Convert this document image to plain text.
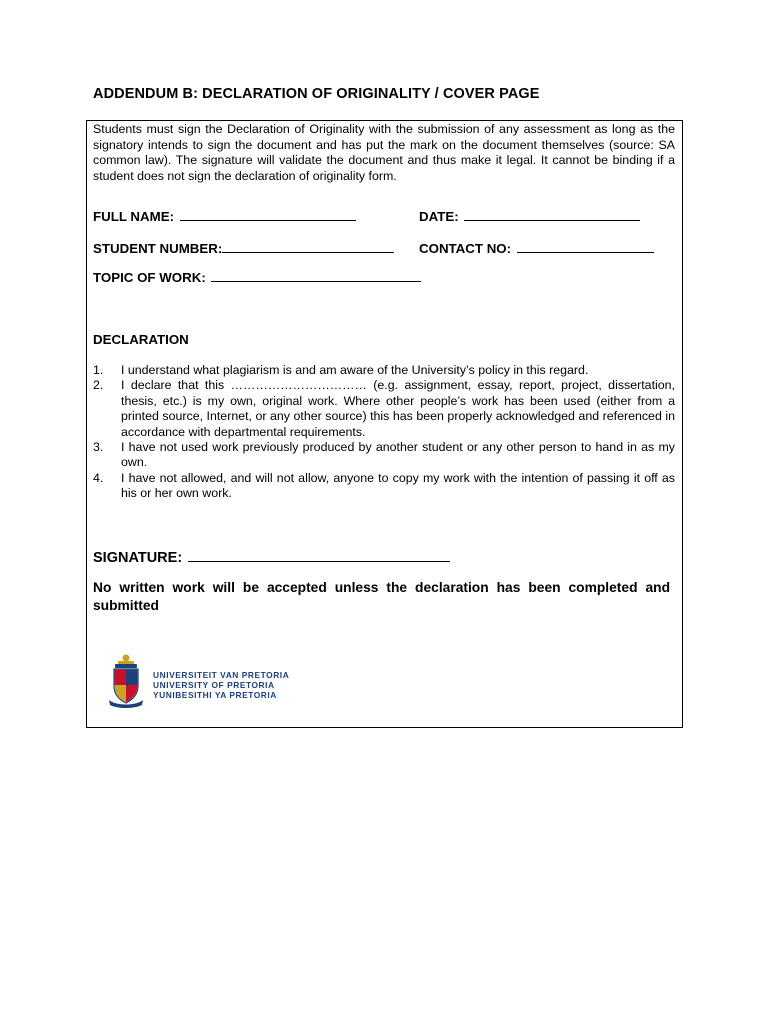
ADDENDUM B: DECLARATION OF ORIGINALITY / COVER PAGE

Students must sign the Declaration of Originality with the submission of any assessment as long as the signatory intends to sign the document and has put the mark on the document themselves (source: SA common law). The signature will validate the document and thus make it legal. It cannot be binding if a student does not sign the declaration of originality form.

FULL NAME:	DATE:
STUDENT NUMBER:	CONTACT NO:
TOPIC OF WORK:
DECLARATION
1. I understand what plagiarism is and am aware of the University’s policy in this regard.
2. I declare that this …………………………… (e.g. assignment, essay, report, project, dissertation, thesis, etc.) is my own, original work. Where other people’s work has been used (either from a printed source, Internet, or any other source) this has been properly acknowledged and referenced in accordance with departmental requirements.
3. I have not used work previously produced by another student or any other person to hand in as my own.
4. I have not allowed, and will not allow, anyone to copy my work with the intention of passing it off as his or her own work.
SIGNATURE:
No written work will be accepted unless the declaration has been completed and submitted
UNIVERSITEIT VAN PRETORIA
UNIVERSITY OF PRETORIA
YUNIBESITHI YA PRETORIA
